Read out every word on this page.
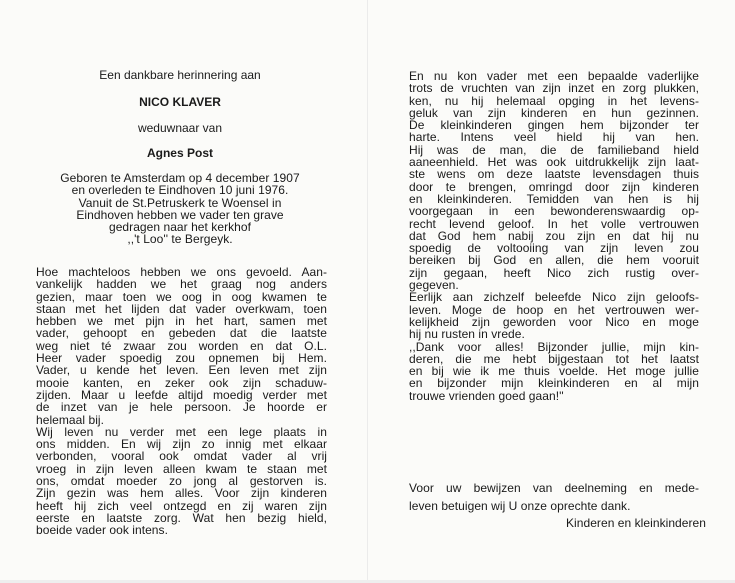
Een dankbare herinnering aan
NICO KLAVER
weduwnaar van
Agnes Post
Geboren te Amsterdam op 4 december 1907
en overleden te Eindhoven 10 juni 1976.
Vanuit de St.Petruskerk te Woensel in
Eindhoven hebben we vader ten grave
gedragen naar het kerkhof
,,'t Loo'' te Bergeyk.
Hoe machteloos hebben we ons gevoeld. Aan-
vankelijk hadden we het graag nog anders
gezien, maar toen we oog in oog kwamen te
staan met het lijden dat vader overkwam, toen
hebben we met pijn in het hart, samen met
vader, gehoopt en gebeden dat die laatste
weg niet té zwaar zou worden en dat O.L.
Heer vader spoedig zou opnemen bij Hem.
Vader, u kende het leven. Een leven met zijn
mooie kanten, en zeker ook zijn schaduw-
zijden. Maar u leefde altijd moedig verder met
de inzet van je hele persoon. Je hoorde er
helemaal bij.
Wij leven nu verder met een lege plaats in
ons midden. En wij zijn zo innig met elkaar
verbonden, vooral ook omdat vader al vrij
vroeg in zijn leven alleen kwam te staan met
ons, omdat moeder zo jong al gestorven is.
Zijn gezin was hem alles. Voor zijn kinderen
heeft hij zich veel ontzegd en zij waren zijn
eerste en laatste zorg. Wat hen bezig hield,
boeide vader ook intens.
En nu kon vader met een bepaalde vaderlijke
trots de vruchten van zijn inzet en zorg plukken,
ken, nu hij helemaal opging in het levens-
geluk van zijn kinderen en hun gezinnen.
De kleinkinderen gingen hem bijzonder ter
harte. Intens veel hield hij van hen.
Hij was de man, die de familieband hield
aaneenhield. Het was ook uitdrukkelijk zijn laat-
ste wens om deze laatste levensdagen thuis
door te brengen, omringd door zijn kinderen
en kleinkinderen. Temidden van hen is hij
voorgegaan in een bewonderenswaardig op-
recht levend geloof. In het volle vertrouwen
dat God hem nabij zou zijn en dat hij nu
spoedig de voltooiing van zijn leven zou
bereiken bij God en allen, die hem vooruit
zijn gegaan, heeft Nico zich rustig over-
gegeven.
Eerlijk aan zichzelf beleefde Nico zijn geloofs-
leven. Moge de hoop en het vertrouwen wer-
kelijkheid zijn geworden voor Nico en moge
hij nu rusten in vrede.
,,Dank voor alles! Bijzonder jullie, mijn kin-
deren, die me hebt bijgestaan tot het laatst
en bij wie ik me thuis voelde. Het moge jullie
en bijzonder mijn kleinkinderen en al mijn
trouwe vrienden goed gaan!''
Voor uw bewijzen van deelneming en mede-
leven betuigen wij U onze oprechte dank.
Kinderen en kleinkinderen
